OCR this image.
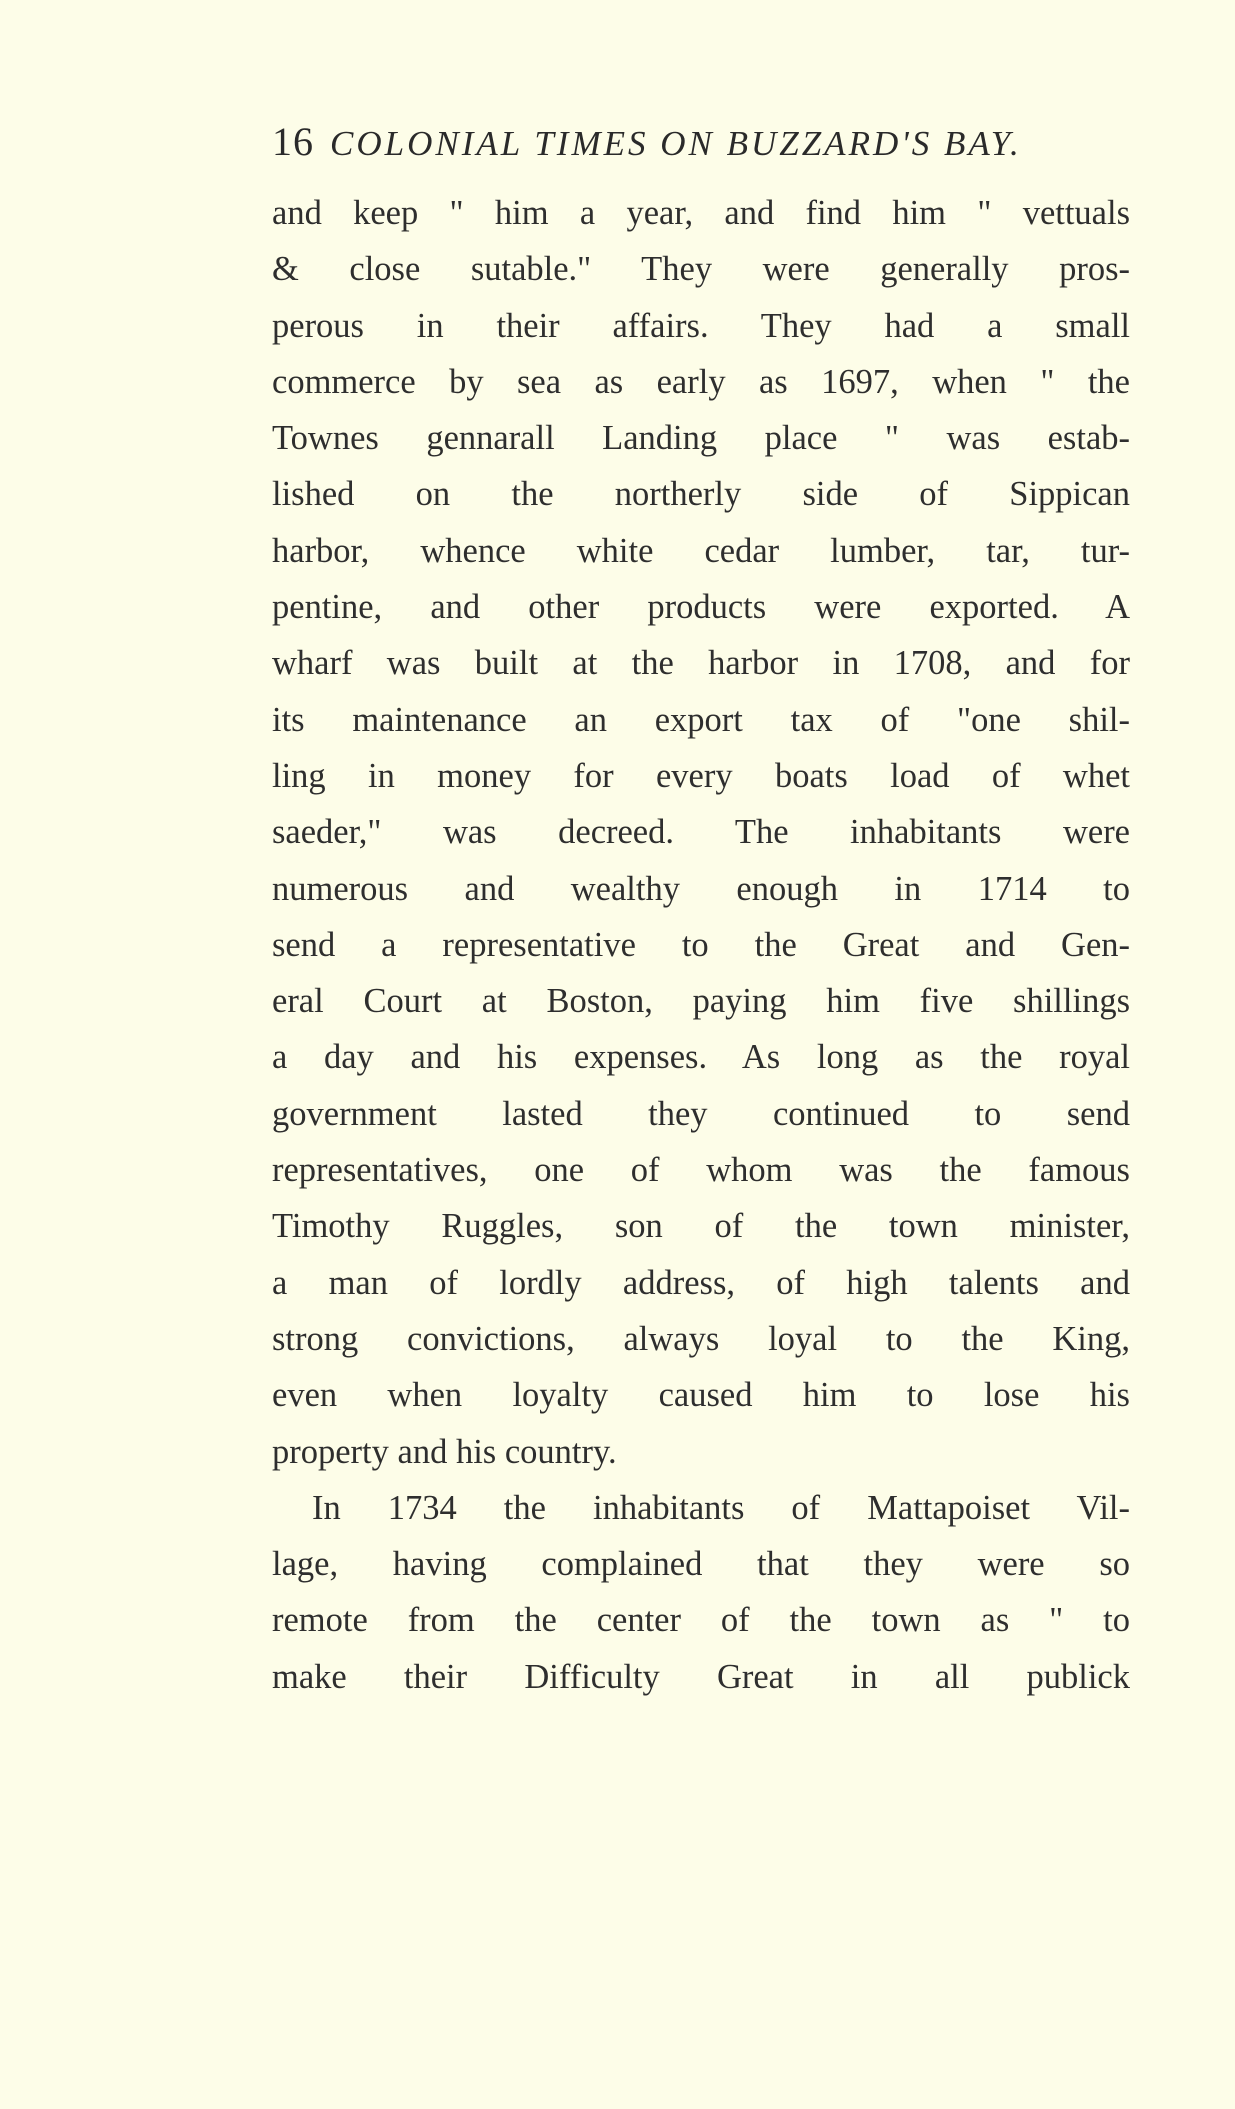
16 COLONIAL TIMES ON BUZZARD'S BAY.
and keep " him a year, and find him " vettuals
& close sutable." They were generally pros-
perous in their affairs. They had a small
commerce by sea as early as 1697, when " the
Townes gennarall Landing place " was estab-
lished on the northerly side of Sippican
harbor, whence white cedar lumber, tar, tur-
pentine, and other products were exported. A
wharf was built at the harbor in 1708, and for
its maintenance an export tax of "one shil-
ling in money for every boats load of whet
saeder," was decreed. The inhabitants were
numerous and wealthy enough in 1714 to
send a representative to the Great and Gen-
eral Court at Boston, paying him five shillings
a day and his expenses. As long as the royal
government lasted they continued to send
representatives, one of whom was the famous
Timothy Ruggles, son of the town minister,
a man of lordly address, of high talents and
strong convictions, always loyal to the King,
even when loyalty caused him to lose his
property and his country.
In 1734 the inhabitants of Mattapoiset Vil-
lage, having complained that they were so
remote from the center of the town as " to
make their Difficulty Great in all publick
